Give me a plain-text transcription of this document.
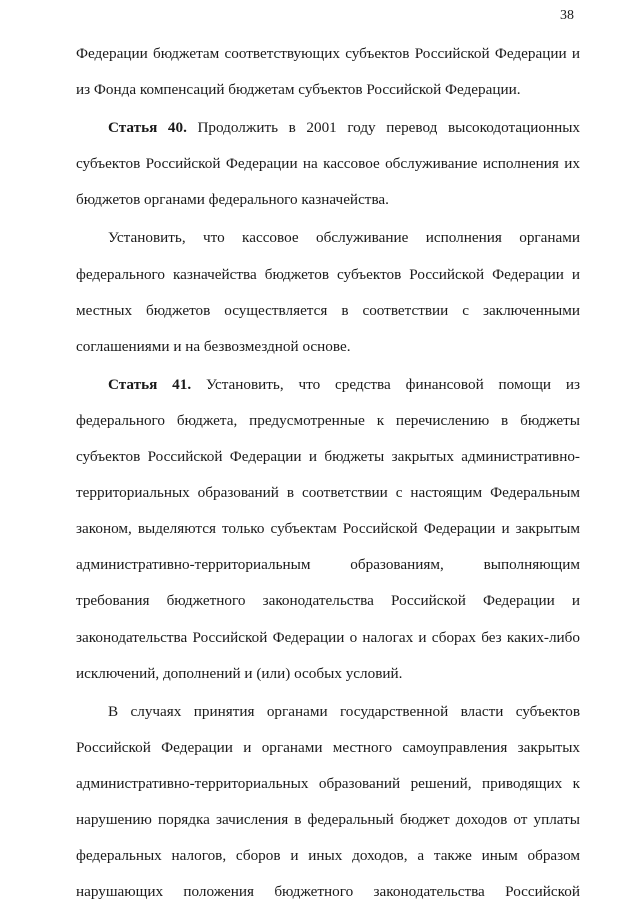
38

Федерации бюджетам соответствующих субъектов Российской Федерации и из Фонда компенсаций бюджетам субъектов Российской Федерации.

Статья 40. Продолжить в 2001 году перевод высокодотационных субъектов Российской Федерации на кассовое обслуживание исполнения их бюджетов органами федерального казначейства.

Установить, что кассовое обслуживание исполнения органами федерального казначейства бюджетов субъектов Российской Федерации и местных бюджетов осуществляется в соответствии с заключенными соглашениями и на безвозмездной основе.

Статья 41. Установить, что средства финансовой помощи из федерального бюджета, предусмотренные к перечислению в бюджеты субъектов Российской Федерации и бюджеты закрытых административно-территориальных образований в соответствии с настоящим Федеральным законом, выделяются только субъектам Российской Федерации и закрытым административно-территориальным образованиям, выполняющим требования бюджетного законодательства Российской Федерации и законодательства Российской Федерации о налогах и сборах без каких-либо исключений, дополнений и (или) особых условий.

В случаях принятия органами государственной власти субъектов Российской Федерации и органами местного самоуправления закрытых административно-территориальных образований решений, приводящих к нарушению порядка зачисления в федеральный бюджет доходов от уплаты федеральных налогов, сборов и иных доходов, а также иным образом нарушающих положения бюджетного законодательства Российской
